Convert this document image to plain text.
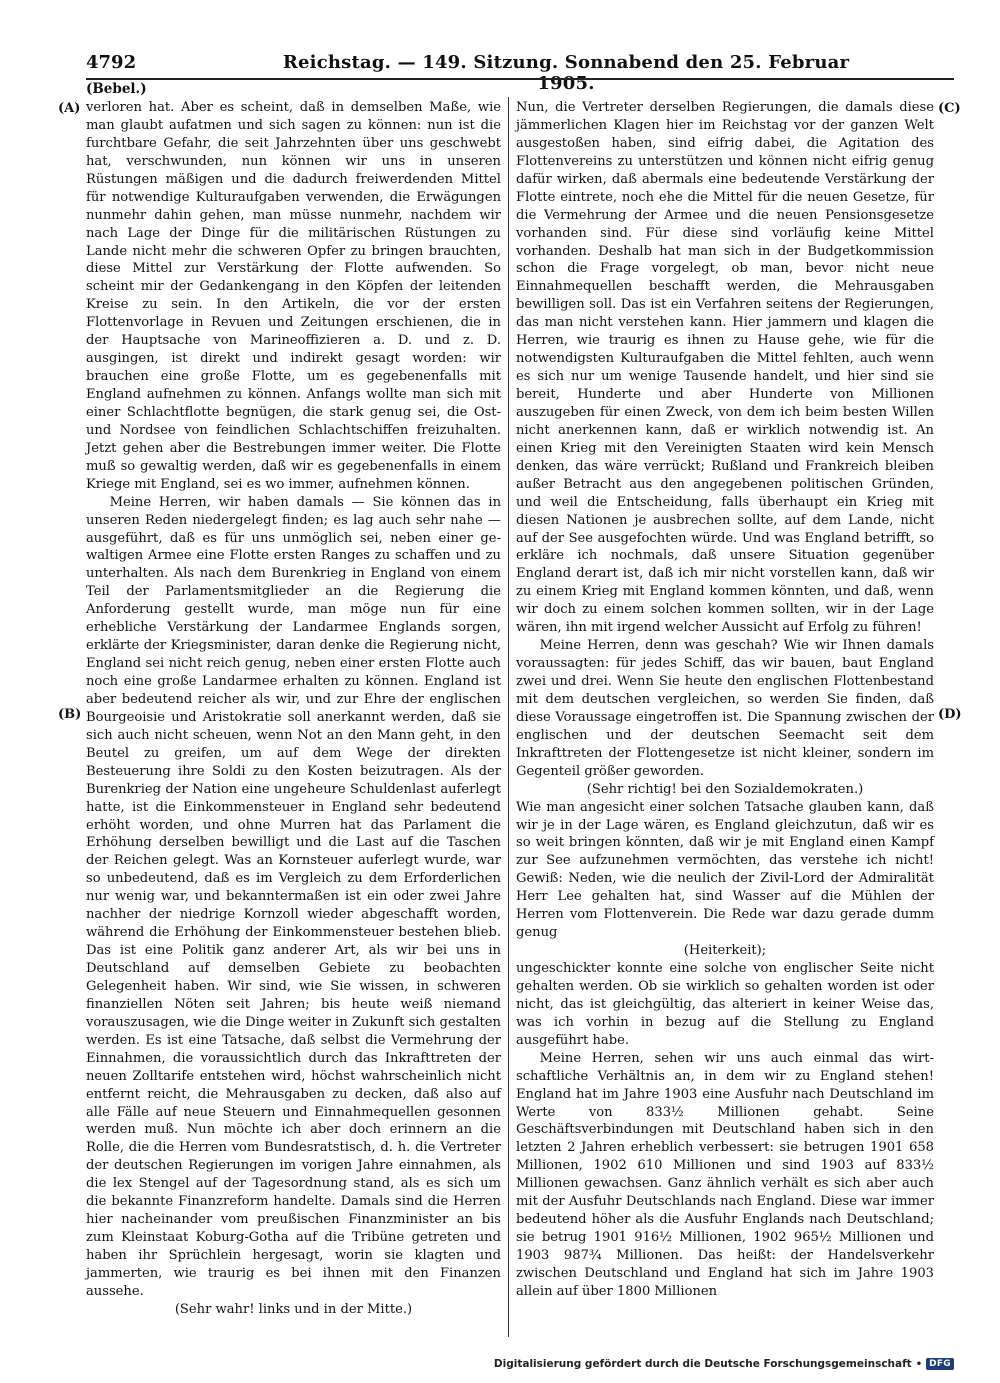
4792	Reichstag. — 149. Sitzung. Sonnabend den 25. Februar 1905.
(Bebel.)
(A)
(B)
(C)
(D)

verloren hat. Aber es scheint, daß in demselben Maße, wie man glaubt aufatmen und sich sagen zu können: nun ist die furchtbare Gefahr, die seit Jahrzehnten über uns geschwebt hat, verschwunden, nun können wir uns in unseren Rüstungen mäßigen und die dadurch freiwerdenden Mittel für notwendige Kulturaufgaben verwenden, die Erwägungen nunmehr dahin gehen, man müsse nunmehr, nachdem wir nach Lage der Dinge für die militärischen Rüstungen zu Lande nicht mehr die schweren Opfer zu bringen brauchten, diese Mittel zur Verstärkung der Flotte aufwenden. So scheint mir der Gedankengang in den Köpfen der leitenden Kreise zu sein. In den Artikeln, die vor der ersten Flottenvorlage in Revuen und Zeitungen erschienen, die in der Hauptsache von Marineoffizieren a. D. und z. D. ausgingen, ist direkt und indirekt gesagt worden: wir brauchen eine große Flotte, um es gegebenenfalls mit England aufnehmen zu können. Anfangs wollte man sich mit einer Schlachtflotte begnügen, die stark genug sei, die Ost- und Nordsee von feindlichen Schlachtschiffen freizuhalten. Jetzt gehen aber die Bestrebungen immer weiter. Die Flotte muß so gewaltig werden, daß wir es gegebenenfalls in einem Kriege mit England, sei es wo immer, aufnehmen können.

Meine Herren, wir haben damals — Sie können das in unseren Reden niedergelegt finden; es lag auch sehr nahe — ausgeführt, daß es für uns unmöglich sei, neben einer gewaltigen Armee eine Flotte ersten Ranges zu schaffen und zu unterhalten. Als nach dem Burenkrieg in England von einem Teil der Parlamentsmitglieder an die Regierung die Anforderung gestellt wurde, man möge nun für eine erhebliche Verstärkung der Landarmee Englands sorgen, erklärte der Kriegsminister, daran denke die Regierung nicht, England sei nicht reich genug, neben einer ersten Flotte auch noch eine große Landarmee erhalten zu können. England ist aber bedeutend reicher als wir, und zur Ehre der englischen Bourgeoisie und Aristokratie soll anerkannt werden, daß sie sich auch nicht scheuen, wenn Not an den Mann geht, in den Beutel zu greifen, um auf dem Wege der direkten Besteuerung ihre Soldi zu den Kosten beizutragen. Als der Burenkrieg der Nation eine ungeheure Schuldenlast auferlegt hatte, ist die Einkommensteuer in England sehr bedeutend erhöht worden, und ohne Murren hat das Parlament die Erhöhung derselben bewilligt und die Last auf die Taschen der Reichen gelegt. Was an Kornsteuer auferlegt wurde, war so unbedeutend, daß es im Vergleich zu dem Erforderlichen nur wenig war, und bekanntermaßen ist ein oder zwei Jahre nachher der niedrige Kornzoll wieder abgeschafft worden, während die Erhöhung der Einkommensteuer bestehen blieb. Das ist eine Politik ganz anderer Art, als wir bei uns in Deutschland auf demselben Gebiete zu beobachten Gelegenheit haben. Wir sind, wie Sie wissen, in schweren finanziellen Nöten seit Jahren; bis heute weiß niemand vorauszusagen, wie die Dinge weiter in Zukunft sich gestalten werden. Es ist eine Tatsache, daß selbst die Vermehrung der Einnahmen, die voraussichtlich durch das Inkrafttreten der neuen Zolltarife entstehen wird, höchst wahrscheinlich nicht entfernt reicht, die Mehrausgaben zu decken, daß also auf alle Fälle auf neue Steuern und Einnahmequellen gesonnen werden muß. Nun möchte ich aber doch erinnern an die Rolle, die die Herren vom Bundesratstisch, d. h. die Vertreter der deutschen Regierungen im vorigen Jahre einnahmen, als die lex Stengel auf der Tagesordnung stand, als es sich um die bekannte Finanzreform handelte. Damals sind die Herren hier nacheinander vom preußischen Finanzminister an bis zum Kleinstaat Koburg-Gotha auf die Tribüne getreten und haben ihr Sprüchlein hergesagt, worin sie klagten und jammerten, wie traurig es bei ihnen mit den Finanzen aussehe.

(Sehr wahr! links und in der Mitte.)

Nun, die Vertreter derselben Regierungen, die damals diese jämmerlichen Klagen hier im Reichstag vor der ganzen Welt ausgestoßen haben, sind eifrig dabei, die Agitation des Flottenvereins zu unterstützen und können nicht eifrig genug dafür wirken, daß abermals eine bedeutende Verstärkung der Flotte eintrete, noch ehe die Mittel für die neuen Gesetze, für die Vermehrung der Armee und die neuen Pensionsgesetze vorhanden sind. Für diese sind vorläufig keine Mittel vorhanden. Deshalb hat man sich in der Budgetkommission schon die Frage vorgelegt, ob man, bevor nicht neue Einnahmequellen beschafft werden, die Mehrausgaben bewilligen soll. Das ist ein Verfahren seitens der Regierungen, das man nicht verstehen kann. Hier jammern und klagen die Herren, wie traurig es ihnen zu Hause gehe, wie für die notwendigsten Kulturaufgaben die Mittel fehlten, auch wenn es sich nur um wenige Tausende handelt, und hier sind sie bereit, Hunderte und aber Hunderte von Millionen auszugeben für einen Zweck, von dem ich beim besten Willen nicht anerkennen kann, daß er wirklich notwendig ist. An einen Krieg mit den Vereinigten Staaten wird kein Mensch denken, das wäre verrückt; Rußland und Frankreich bleiben außer Betracht aus den angegebenen politischen Gründen, und weil die Entscheidung, falls überhaupt ein Krieg mit diesen Nationen je ausbrechen sollte, auf dem Lande, nicht auf der See ausgefochten würde. Und was England betrifft, so erkläre ich nochmals, daß unsere Situation gegenüber England derart ist, daß ich mir nicht vorstellen kann, daß wir zu einem Krieg mit England kommen könnten, und daß, wenn wir doch zu einem solchen kommen sollten, wir in der Lage wären, ihn mit irgend welcher Aussicht auf Erfolg zu führen!

Meine Herren, denn was geschah? Wie wir Ihnen damals voraussagten: für jedes Schiff, das wir bauen, baut England zwei und drei. Wenn Sie heute den englischen Flottenbestand mit dem deutschen vergleichen, so werden Sie finden, daß diese Voraussage eingetroffen ist. Die Spannung zwischen der englischen und der deutschen Seemacht seit dem Inkrafttreten der Flottengesetze ist nicht kleiner, sondern im Gegenteil größer geworden.

(Sehr richtig! bei den Sozialdemokraten.)

Wie man angesicht einer solchen Tatsache glauben kann, daß wir je in der Lage wären, es England gleichzutun, daß wir es so weit bringen könnten, daß wir je mit England einen Kampf zur See aufzunehmen vermöchten, das verstehe ich nicht! Gewiß: Neden, wie die neulich der Zivil-Lord der Admiralität Herr Lee gehalten hat, sind Wasser auf die Mühlen der Herren vom Flottenverein. Die Rede war dazu gerade dumm genug

(Heiterkeit);

ungeschickter konnte eine solche von englischer Seite nicht gehalten werden. Ob sie wirklich so gehalten worden ist oder nicht, das ist gleichgültig, das alteriert in keiner Weise das, was ich vorhin in bezug auf die Stellung zu England ausgeführt habe.

Meine Herren, sehen wir uns auch einmal das wirtschaftliche Verhältnis an, in dem wir zu England stehen! England hat im Jahre 1903 eine Ausfuhr nach Deutschland im Werte von 833½ Millionen gehabt. Seine Geschäftsverbindungen mit Deutschland haben sich in den letzten 2 Jahren erheblich verbessert: sie betrugen 1901 658 Millionen, 1902 610 Millionen und sind 1903 auf 833½ Millionen gewachsen. Ganz ähnlich verhält es sich aber auch mit der Ausfuhr Deutschlands nach England. Diese war immer bedeutend höher als die Ausfuhr Englands nach Deutschland; sie betrug 1901 916½ Millionen, 1902 965½ Millionen und 1903 987¾ Millionen. Das heißt: der Handelsverkehr zwischen Deutschland und England hat sich im Jahre 1903 allein auf über 1800 Millionen

Digitalisierung gefördert durch die Deutsche Forschungsgemeinschaft • DFG
